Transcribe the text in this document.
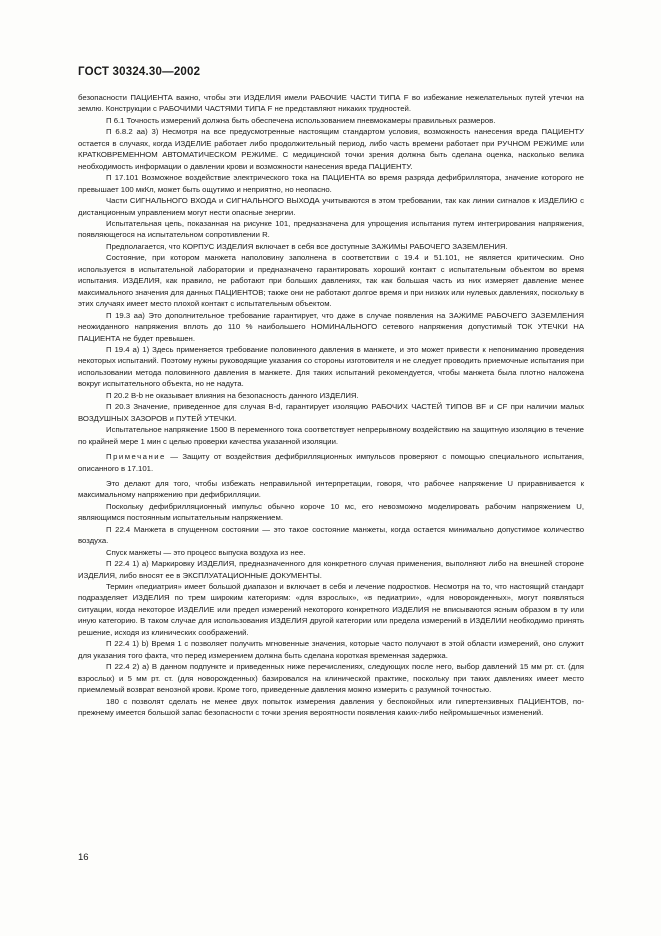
ГОСТ 30324.30—2002

безопасности ПАЦИЕНТА важно, чтобы эти ИЗДЕЛИЯ имели РАБОЧИЕ ЧАСТИ ТИПА F во избежание нежелательных путей утечки на землю. Конструкции с РАБОЧИМИ ЧАСТЯМИ ТИПА F не представляют никаких трудностей.

П 6.1 Точность измерений должна быть обеспечена использованием пневмокамеры правильных размеров.

П 6.8.2 аа) 3) Несмотря на все предусмотренные настоящим стандартом условия, возможность нанесения вреда ПАЦИЕНТУ остается в случаях, когда ИЗДЕЛИЕ работает либо продолжительный период, либо часть времени работает при РУЧНОМ РЕЖИМЕ или КРАТКОВРЕМЕННОМ АВТОМАТИЧЕСКОМ РЕЖИМЕ. С медицинской точки зрения должна быть сделана оценка, насколько велика необходимость информации о давлении крови и возможности нанесения вреда ПАЦИЕНТУ.

П 17.101 Возможное воздействие электрического тока на ПАЦИЕНТА во время разряда дефибриллятора, значение которого не превышает 100 мкКл, может быть ощутимо и неприятно, но неопасно.

Части СИГНАЛЬНОГО ВХОДА и СИГНАЛЬНОГО ВЫХОДА учитываются в этом требовании, так как линии сигналов к ИЗДЕЛИЮ с дистанционным управлением могут нести опасные энергии.

Испытательная цепь, показанная на рисунке 101, предназначена для упрощения испытания путем интегрирования напряжения, появляющегося на испытательном сопротивлении R.

Предполагается, что КОРПУС ИЗДЕЛИЯ включает в себя все доступные ЗАЖИМЫ РАБОЧЕГО ЗАЗЕМЛЕНИЯ.

Состояние, при котором манжета наполовину заполнена в соответствии с 19.4 и 51.101, не является критическим. Оно используется в испытательной лаборатории и предназначено гарантировать хороший контакт с испытательным объектом во время испытания. ИЗДЕЛИЯ, как правило, не работают при больших давлениях, так как большая часть из них измеряет давление менее максимального значения для данных ПАЦИЕНТОВ; также они не работают долгое время и при низких или нулевых давлениях, поскольку в этих случаях имеет место плохой контакт с испытательным объектом.

П 19.3 аа) Это дополнительное требование гарантирует, что даже в случае появления на ЗАЖИМЕ РАБОЧЕГО ЗАЗЕМЛЕНИЯ неожиданного напряжения вплоть до 110 % наибольшего НОМИНАЛЬНОГО сетевого напряжения допустимый ТОК УТЕЧКИ НА ПАЦИЕНТА не будет превышен.

П 19.4 а) 1) Здесь применяется требование половинного давления в манжете, и это может привести к непониманию проведения некоторых испытаний. Поэтому нужны руководящие указания со стороны изготовителя и не следует проводить приемочные испытания при использовании метода половинного давления в манжете. Для таких испытаний рекомендуется, чтобы манжета была плотно наложена вокруг испытательного объекта, но не надута.

П 20.2 В-b не оказывает влияния на безопасность данного ИЗДЕЛИЯ.

П 20.3 Значение, приведенное для случая В-d, гарантирует изоляцию РАБОЧИХ ЧАСТЕЙ ТИПОВ BF и CF при наличии малых ВОЗДУШНЫХ ЗАЗОРОВ и ПУТЕЙ УТЕЧКИ.

Испытательное напряжение 1500 В переменного тока соответствует непрерывному воздействию на защитную изоляцию в течение по крайней мере 1 мин с целью проверки качества указанной изоляции.

Примечание — Защиту от воздействия дефибрилляционных импульсов проверяют с помощью специального испытания, описанного в 17.101.

Это делают для того, чтобы избежать неправильной интерпретации, говоря, что рабочее напряжение U приравнивается к максимальному напряжению при дефибрилляции.

Поскольку дефибрилляционный импульс обычно короче 10 мс, его невозможно моделировать рабочим напряжением U, являющимся постоянным испытательным напряжением.

П 22.4 Манжета в спущенном состоянии — это такое состояние манжеты, когда остается минимально допустимое количество воздуха.

Спуск манжеты — это процесс выпуска воздуха из нее.

П 22.4 1) а) Маркировку ИЗДЕЛИЯ, предназначенного для конкретного случая применения, выполняют либо на внешней стороне ИЗДЕЛИЯ, либо вносят ее в ЭКСПЛУАТАЦИОННЫЕ ДОКУМЕНТЫ.

Термин «педиатрия» имеет большой диапазон и включает в себя и лечение подростков. Несмотря на то, что настоящий стандарт подразделяет ИЗДЕЛИЯ по трем широким категориям: «для взрослых», «в педиатрии», «для новорожденных», могут появляться ситуации, когда некоторое ИЗДЕЛИЕ или предел измерений некоторого конкретного ИЗДЕЛИЯ не вписываются ясным образом в ту или иную категорию. В таком случае для использования ИЗДЕЛИЯ другой категории или предела измерений в ИЗДЕЛИИ необходимо принять решение, исходя из клинических соображений.

П 22.4 1) b) Время 1 с позволяет получить мгновенные значения, которые часто получают в этой области измерений, оно служит для указания того факта, что перед измерением должна быть сделана короткая временная задержка.

П 22.4 2) а) В данном подпункте и приведенных ниже перечислениях, следующих после него, выбор давлений 15 мм рт. ст. (для взрослых) и 5 мм рт. ст. (для новорожденных) базировался на клинической практике, поскольку при таких давлениях имеет место приемлемый возврат венозной крови. Кроме того, приведенные давления можно измерить с разумной точностью.

180 с позволят сделать не менее двух попыток измерения давления у беспокойных или гипертензивных ПАЦИЕНТОВ, по-прежнему имеется большой запас безопасности с точки зрения вероятности появления каких-либо нейромышечных изменений.

16
